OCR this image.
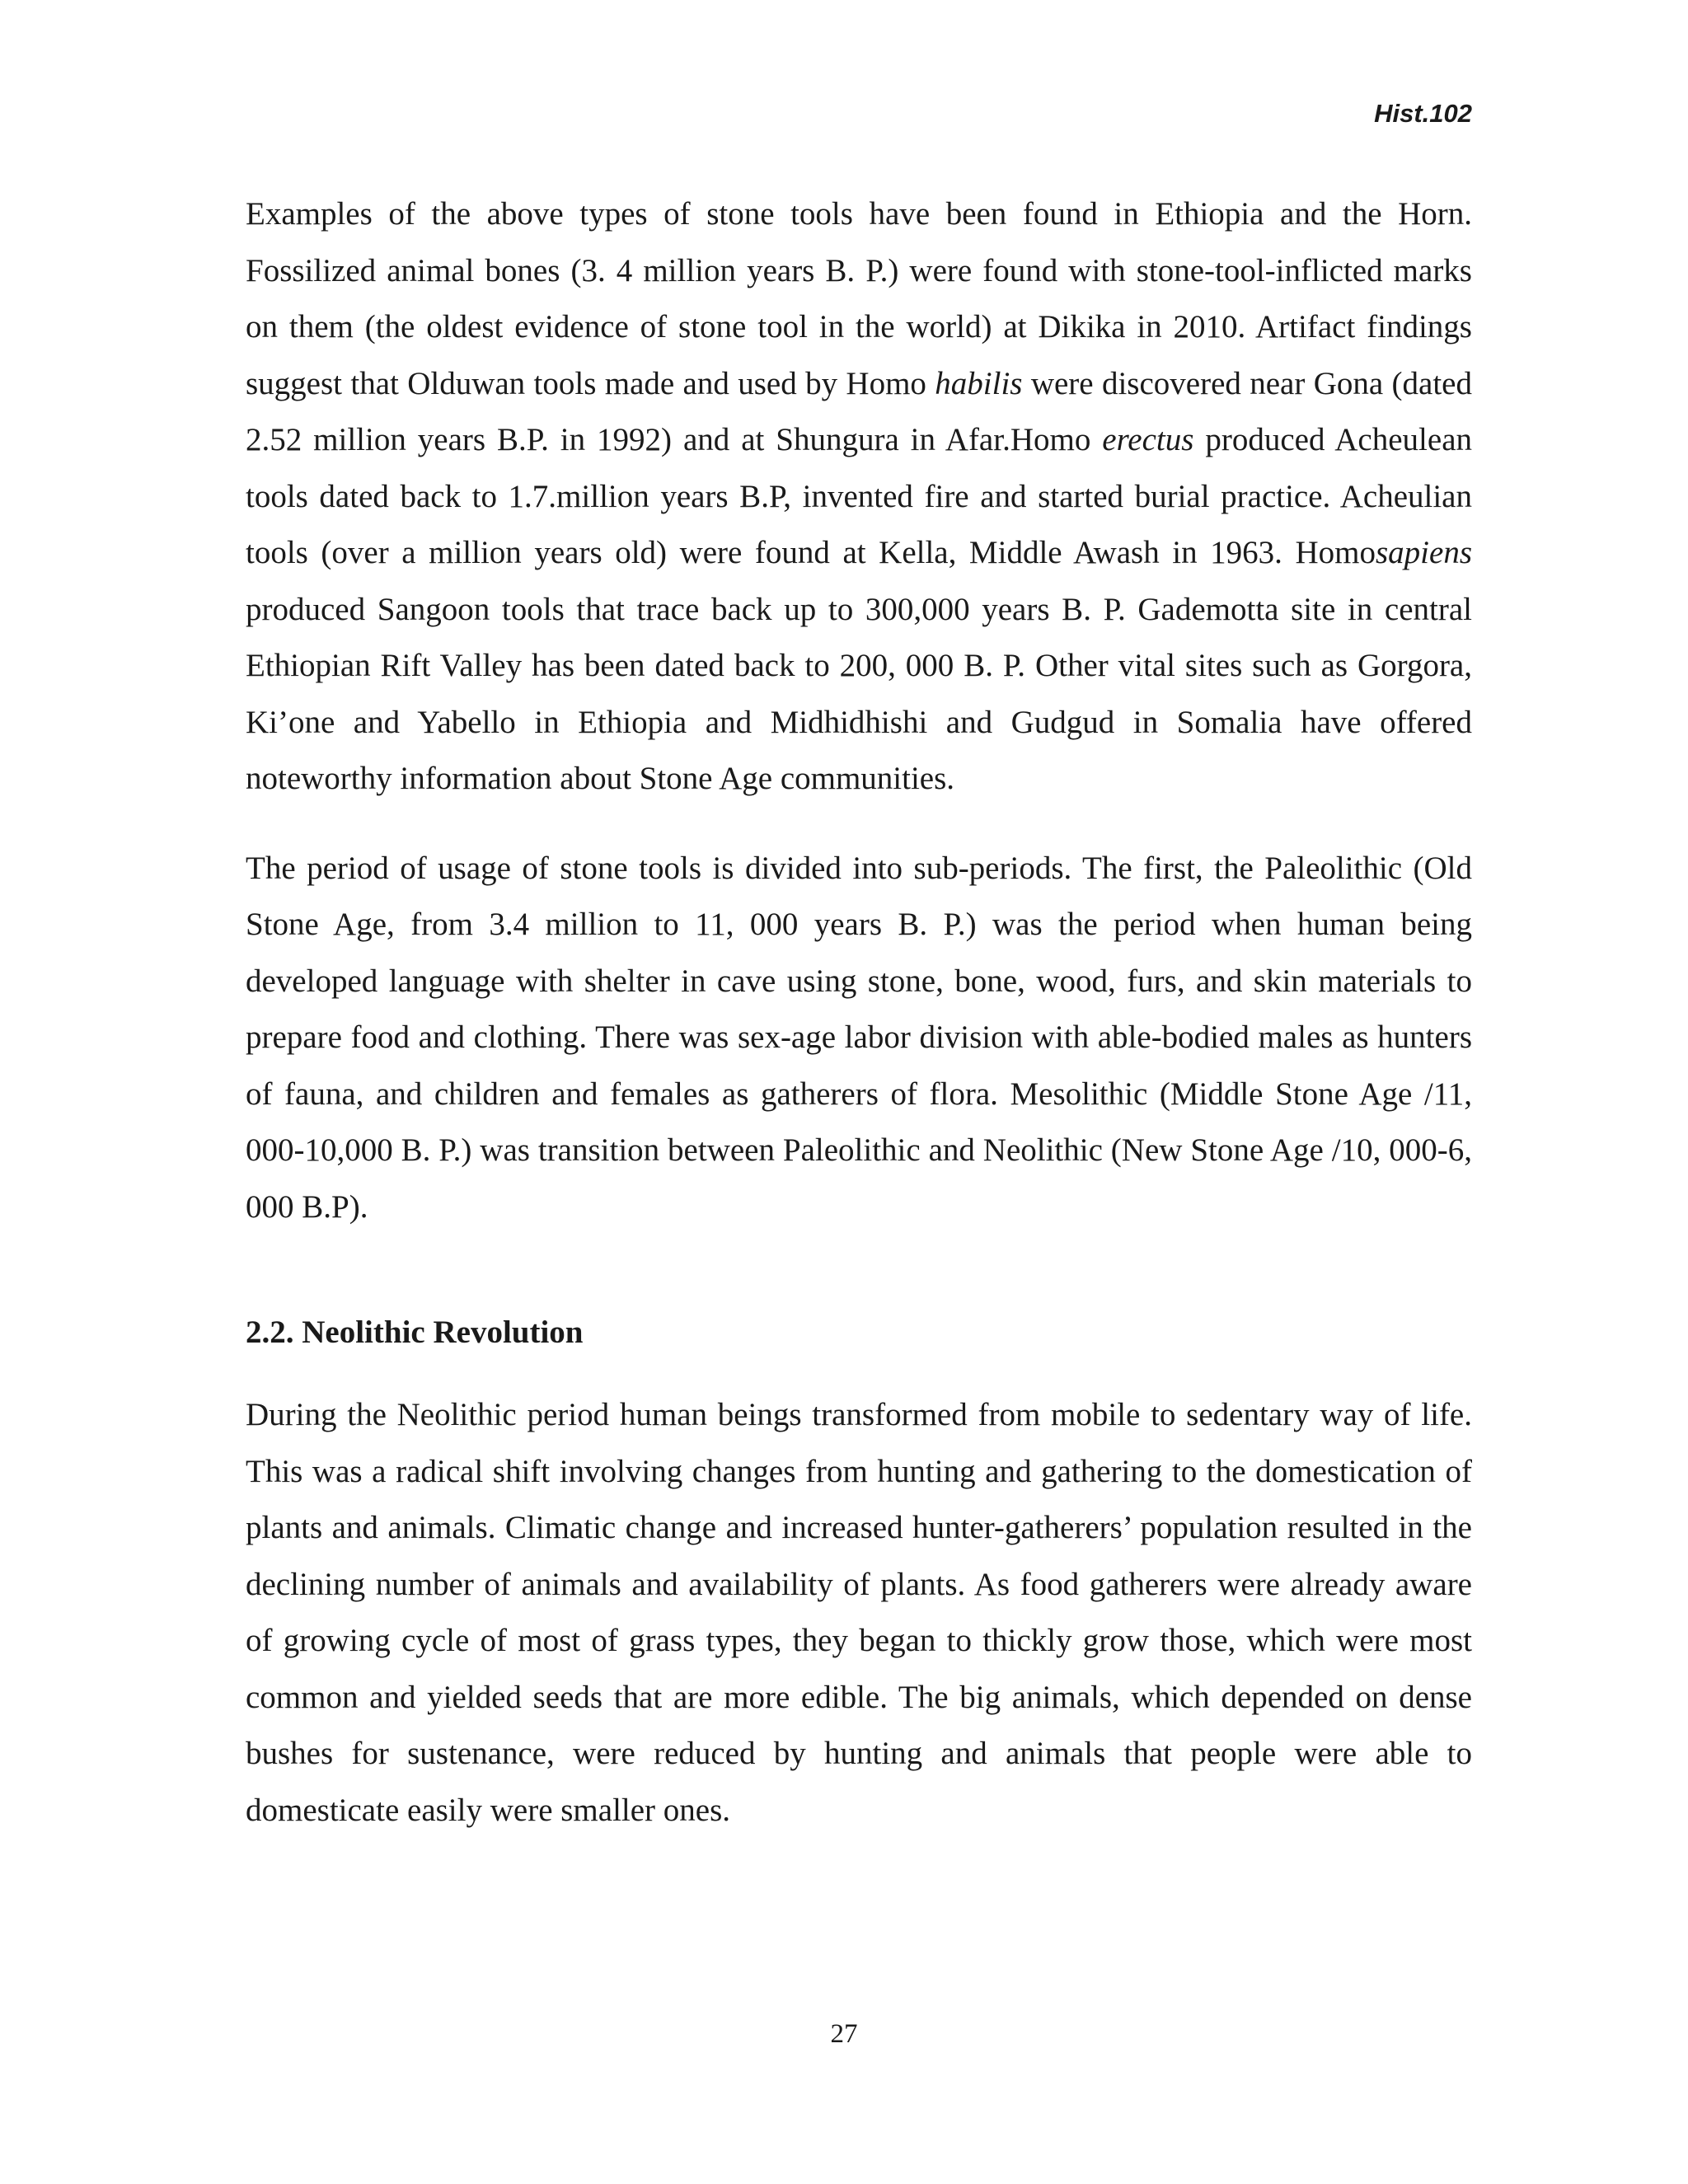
Hist.102

Examples of the above types of stone tools have been found in Ethiopia and the Horn. Fossilized animal bones (3. 4 million years B. P.) were found with stone-tool-inflicted marks on them (the oldest evidence of stone tool in the world) at Dikika in 2010. Artifact findings suggest that Olduwan tools made and used by Homo habilis were discovered near Gona (dated 2.52 million years B.P. in 1992) and at Shungura in Afar.Homo erectus produced Acheulean tools dated back to 1.7.million years B.P, invented fire and started burial practice. Acheulian tools (over a million years old) were found at Kella, Middle Awash in 1963. Homosapiens produced Sangoon tools that trace back up to 300,000 years B. P. Gademotta site in central Ethiopian Rift Valley has been dated back to 200, 000 B. P. Other vital sites such as Gorgora, Ki’one and Yabello in Ethiopia and Midhidhishi and Gudgud in Somalia have offered noteworthy information about Stone Age communities.

The period of usage of stone tools is divided into sub-periods. The first, the Paleolithic (Old Stone Age, from 3.4 million to 11, 000 years B. P.) was the period when human being developed language with shelter in cave using stone, bone, wood, furs, and skin materials to prepare food and clothing. There was sex-age labor division with able-bodied males as hunters of fauna, and children and females as gatherers of flora. Mesolithic (Middle Stone Age /11, 000-10,000 B. P.) was transition between Paleolithic and Neolithic (New Stone Age /10, 000-6, 000 B.P).

2.2. Neolithic Revolution

During the Neolithic period human beings transformed from mobile to sedentary way of life. This was a radical shift involving changes from hunting and gathering to the domestication of plants and animals. Climatic change and increased hunter-gatherers’ population resulted in the declining number of animals and availability of plants. As food gatherers were already aware of growing cycle of most of grass types, they began to thickly grow those, which were most common and yielded seeds that are more edible. The big animals, which depended on dense bushes for sustenance, were reduced by hunting and animals that people were able to domesticate easily were smaller ones.

27
